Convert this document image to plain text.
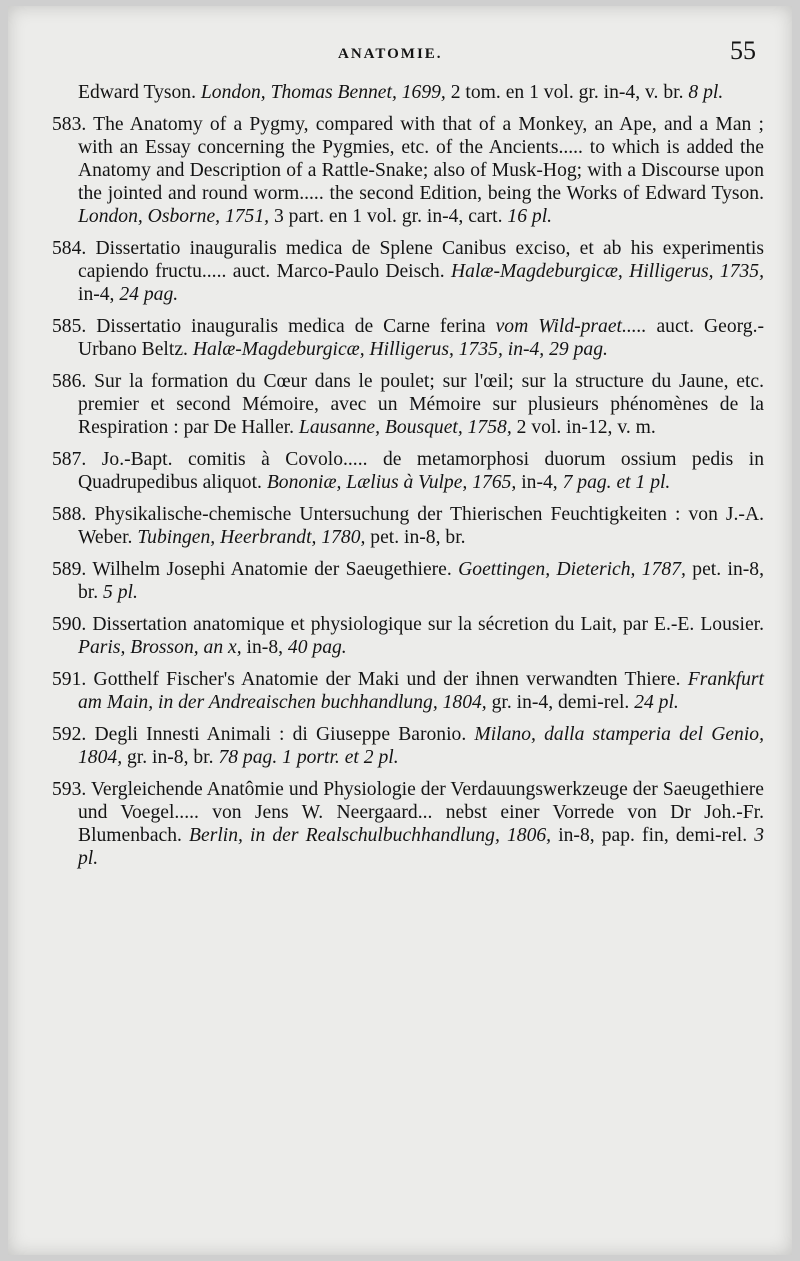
ANATOMIE.	55

Edward Tyson. London, Thomas Bennet, 1699, 2 tom. en 1 vol. gr. in-4, v. br. 8 pl.

583. The Anatomy of a Pygmy, compared with that of a Monkey, an Ape, and a Man ; with an Essay concerning the Pygmies, etc. of the Ancients..... to which is added the Anatomy and Description of a Rattle-Snake; also of Musk-Hog; with a Discourse upon the jointed and round worm..... the second Edition, being the Works of Edward Tyson. London, Osborne, 1751, 3 part. en 1 vol. gr. in-4, cart. 16 pl.

584. Dissertatio inauguralis medica de Splene Canibus exciso, et ab his experimentis capiendo fructu..... auct. Marco-Paulo Deisch. Halæ-Magdeburgicæ, Hilligerus, 1735, in-4, 24 pag.

585. Dissertatio inauguralis medica de Carne ferina vom Wild-praet..... auct. Georg.-Urbano Beltz. Halæ-Magdeburgicæ, Hilligerus, 1735, in-4, 29 pag.

586. Sur la formation du Cœur dans le poulet; sur l'œil; sur la structure du Jaune, etc. premier et second Mémoire, avec un Mémoire sur plusieurs phénomènes de la Respiration : par De Haller. Lausanne, Bousquet, 1758, 2 vol. in-12, v. m.

587. Jo.-Bapt. comitis à Covolo..... de metamorphosi duorum ossium pedis in Quadrupedibus aliquot. Bononiæ, Lælius à Vulpe, 1765, in-4, 7 pag. et 1 pl.

588. Physikalische-chemische Untersuchung der Thierischen Feuchtigkeiten : von J.-A. Weber. Tubingen, Heerbrandt, 1780, pet. in-8, br.

589. Wilhelm Josephi Anatomie der Saeugethiere. Goettingen, Dieterich, 1787, pet. in-8, br. 5 pl.

590. Dissertation anatomique et physiologique sur la sécretion du Lait, par E.-E. Lousier. Paris, Brosson, an x, in-8, 40 pag.

591. Gotthelf Fischer's Anatomie der Maki und der ihnen verwandten Thiere. Frankfurt am Main, in der Andreaischen buchhandlung, 1804, gr. in-4, demi-rel. 24 pl.

592. Degli Innesti Animali : di Giuseppe Baronio. Milano, dalla stamperia del Genio, 1804, gr. in-8, br. 78 pag. 1 portr. et 2 pl.

593. Vergleichende Anatômie und Physiologie der Verdauungswerkzeuge der Saeugethiere und Voegel..... von Jens W. Neergaard... nebst einer Vorrede von Dr Joh.-Fr. Blumenbach. Berlin, in der Realschulbuchhandlung, 1806, in-8, pap. fin, demi-rel. 3 pl.
